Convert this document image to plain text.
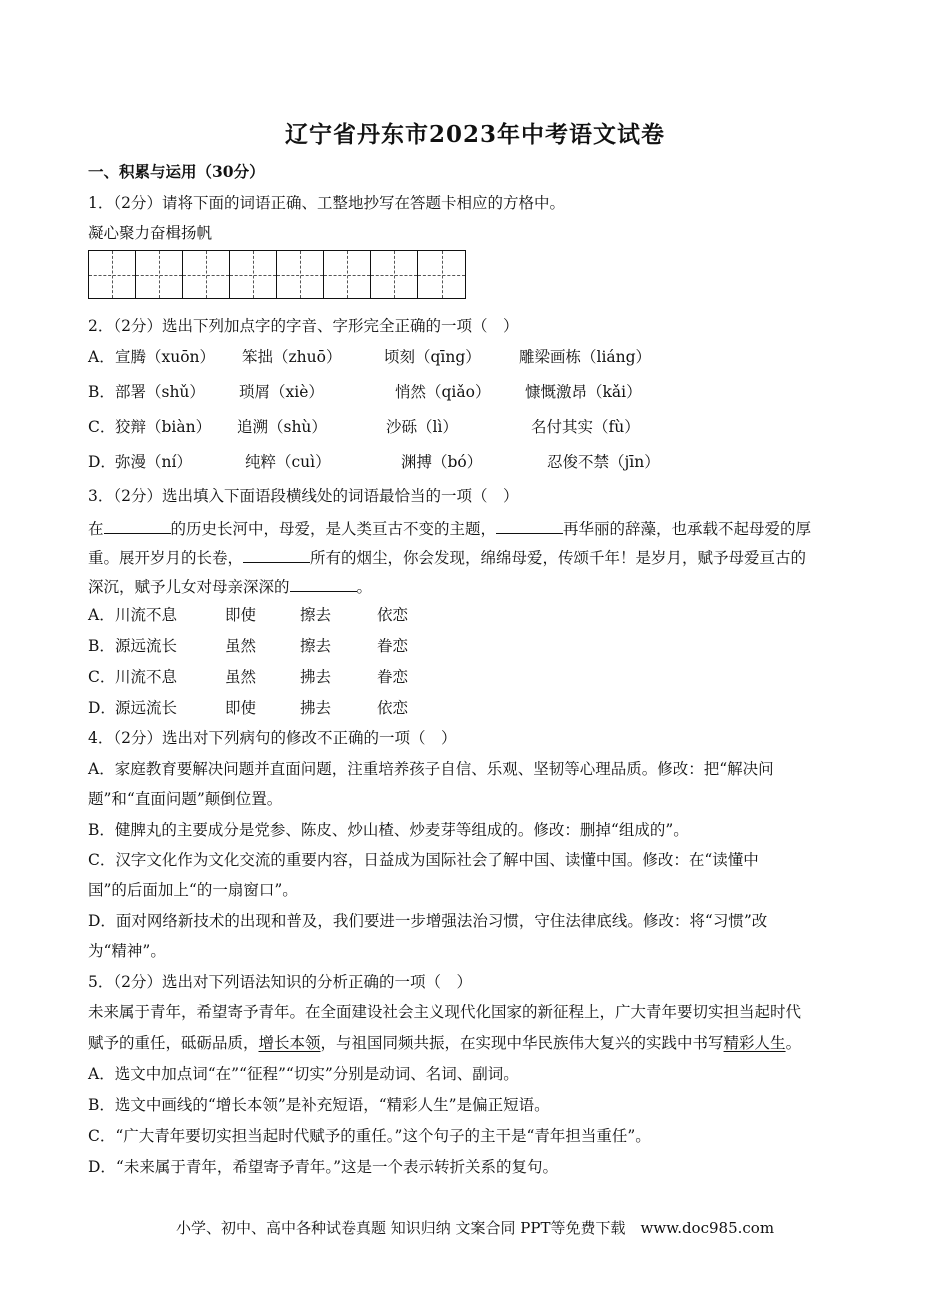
辽宁省丹东市2023年中考语文试卷
一、积累与运用（30分）
1．（2分）请将下面的词语正确、工整地抄写在答题卡相应的方格中。
凝心聚力奋楫扬帆
2．（2分）选出下列加点字的字音、字形完全正确的一项（　）
A．宣腾（xuōn） 笨拙（zhuō）	顷刻（qīng） 雕梁画栋（liáng）
B．部署（shǔ） 琐屑（xiè）	悄然（qiǎo） 慷慨激昂（kǎi）
C．狡辩（biàn） 追溯（shù）	沙砾（lì）	名付其实（fù）
D．弥漫（ní）	纯粹（cuì）	渊搏（bó）	忍俊不禁（jīn）
3．（2分）选出填入下面语段横线处的词语最恰当的一项（　）
在	的历史长河中，母爱，是人类亘古不变的主题，	再华丽的辞藻，也承载不起母爱的厚
重。展开岁月的长卷，	所有的烟尘，你会发现，绵绵母爱，传颂千年！是岁月，赋予母爱亘古的
深沉，赋予儿女对母亲深深的	。
A．川流不息	即使	擦去	依恋
B．源远流长	虽然	擦去	眷恋
C．川流不息	虽然	拂去	眷恋
D．源远流长	即使	拂去	依恋
4．（2分）选出对下列病句的修改不正确的一项（　）
A．家庭教育要解决问题并直面问题，注重培养孩子自信、乐观、坚韧等心理品质。修改：把“解决问
题”和“直面问题”颠倒位置。
B．健脾丸的主要成分是党参、陈皮、炒山楂、炒麦芽等组成的。修改：删掉“组成的”。
C．汉字文化作为文化交流的重要内容，日益成为国际社会了解中国、读懂中国。修改：在“读懂中
国”的后面加上“的一扇窗口”。
D．面对网络新技术的出现和普及，我们要进一步增强法治习惯，守住法律底线。修改：将“习惯”改
为“精神”。
5．（2分）选出对下列语法知识的分析正确的一项（　）
未来属于青年，希望寄予青年。在全面建设社会主义现代化国家的新征程上，广大青年要切实担当起时代
赋予的重任，砥砺品质，增长本领，与祖国同频共振，在实现中华民族伟大复兴的实践中书写精彩人生。
A．选文中加点词“在”“征程”“切实”分别是动词、名词、副词。
B．选文中画线的“增长本领”是补充短语，“精彩人生”是偏正短语。
C．“广大青年要切实担当起时代赋予的重任。”这个句子的主干是“青年担当重任”。
D．“未来属于青年，希望寄予青年。”这是一个表示转折关系的复句。
小学、初中、高中各种试卷真题 知识归纳 文案合同 PPT等免费下载　www.doc985.com
